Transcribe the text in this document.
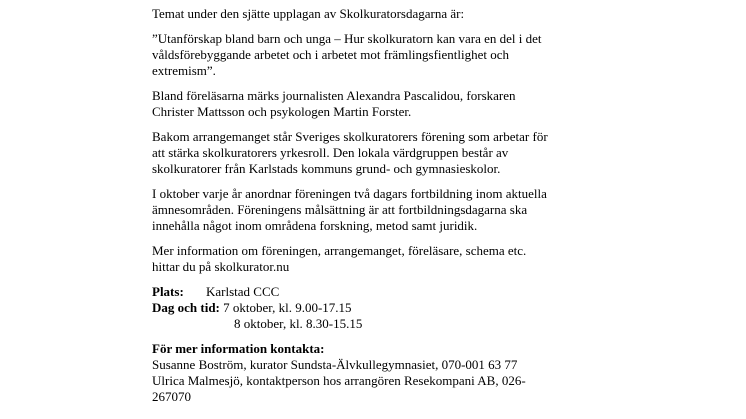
Temat under den sjätte upplagan av Skolkuratorsdagarna är:
”Utanförskap bland barn och unga – Hur skolkuratorn kan vara en del i det
våldsförebyggande arbetet och i arbetet mot främlingsfientlighet och
extremism”.
Bland föreläsarna märks journalisten Alexandra Pascalidou, forskaren
Christer Mattsson och psykologen Martin Forster.
Bakom arrangemanget står Sveriges skolkuratorers förening som arbetar för
att stärka skolkuratorers yrkesroll. Den lokala värdgruppen består av
skolkuratorer från Karlstads kommuns grund- och gymnasieskolor.
I oktober varje år anordnar föreningen två dagars fortbildning inom aktuella
ämnesområden. Föreningens målsättning är att fortbildningsdagarna ska
innehålla något inom områdena forskning, metod samt juridik.
Mer information om föreningen, arrangemanget, föreläsare, schema etc.
hittar du på skolkurator.nu
Plats: Karlstad CCC
Dag och tid: 7 oktober, kl. 9.00-17.15
8 oktober, kl. 8.30-15.15
För mer information kontakta:
Susanne Boström, kurator Sundsta-Älvkullegymnasiet, 070-001 63 77
Ulrica Malmesjö, kontaktperson hos arrangören Resekompani AB, 026-
267070
